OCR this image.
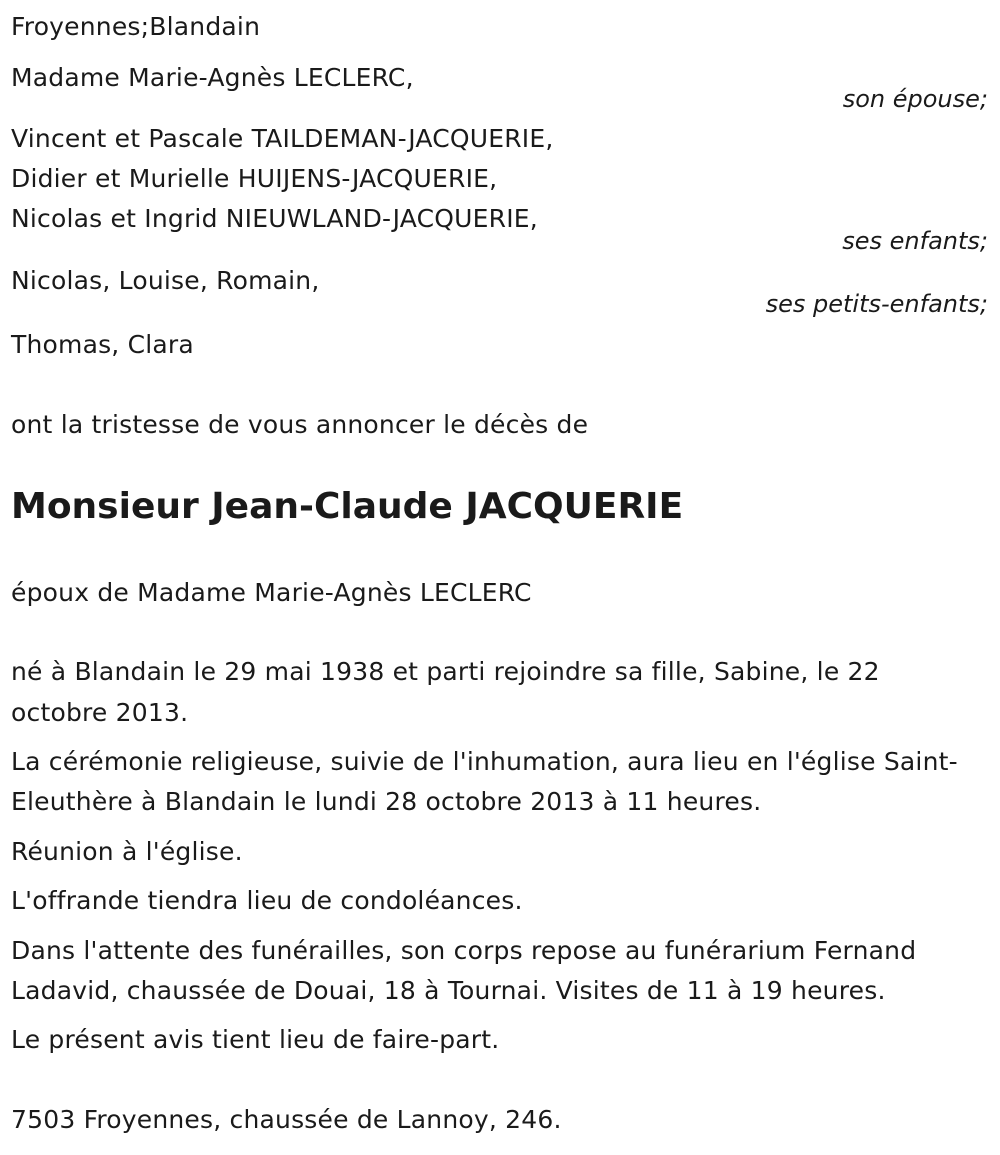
Froyennes;Blandain
Madame Marie-Agnès LECLERC,
son épouse;
Vincent et Pascale TAILDEMAN-JACQUERIE,
Didier et Murielle HUIJENS-JACQUERIE,
Nicolas et Ingrid NIEUWLAND-JACQUERIE,
ses enfants;
Nicolas, Louise, Romain,
ses petits-enfants;
Thomas, Clara
ont la tristesse de vous annoncer le décès de
Monsieur Jean-Claude JACQUERIE
époux de Madame Marie-Agnès LECLERC
né à Blandain le 29 mai 1938 et parti rejoindre sa fille, Sabine, le 22
octobre 2013.
La cérémonie religieuse, suivie de l'inhumation, aura lieu en l'église Saint-
Eleuthère à Blandain le lundi 28 octobre 2013 à 11 heures.
Réunion à l'église.
L'offrande tiendra lieu de condoléances.
Dans l'attente des funérailles, son corps repose au funérarium Fernand
Ladavid, chaussée de Douai, 18 à Tournai. Visites de 11 à 19 heures.
Le présent avis tient lieu de faire-part.
7503 Froyennes, chaussée de Lannoy, 246.
